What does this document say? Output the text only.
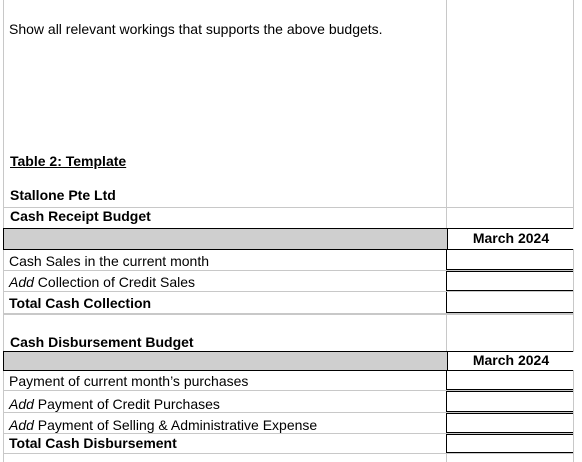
Show all relevant workings that supports the above budgets.
Table 2: Template
Stallone Pte Ltd
Cash Receipt Budget
March 2024
Cash Sales in the current month
Add Collection of Credit Sales
Total Cash Collection
Cash Disbursement Budget
March 2024
Payment of current month’s purchases
Add Payment of Credit Purchases
Add Payment of Selling & Administrative Expense
Total Cash Disbursement
